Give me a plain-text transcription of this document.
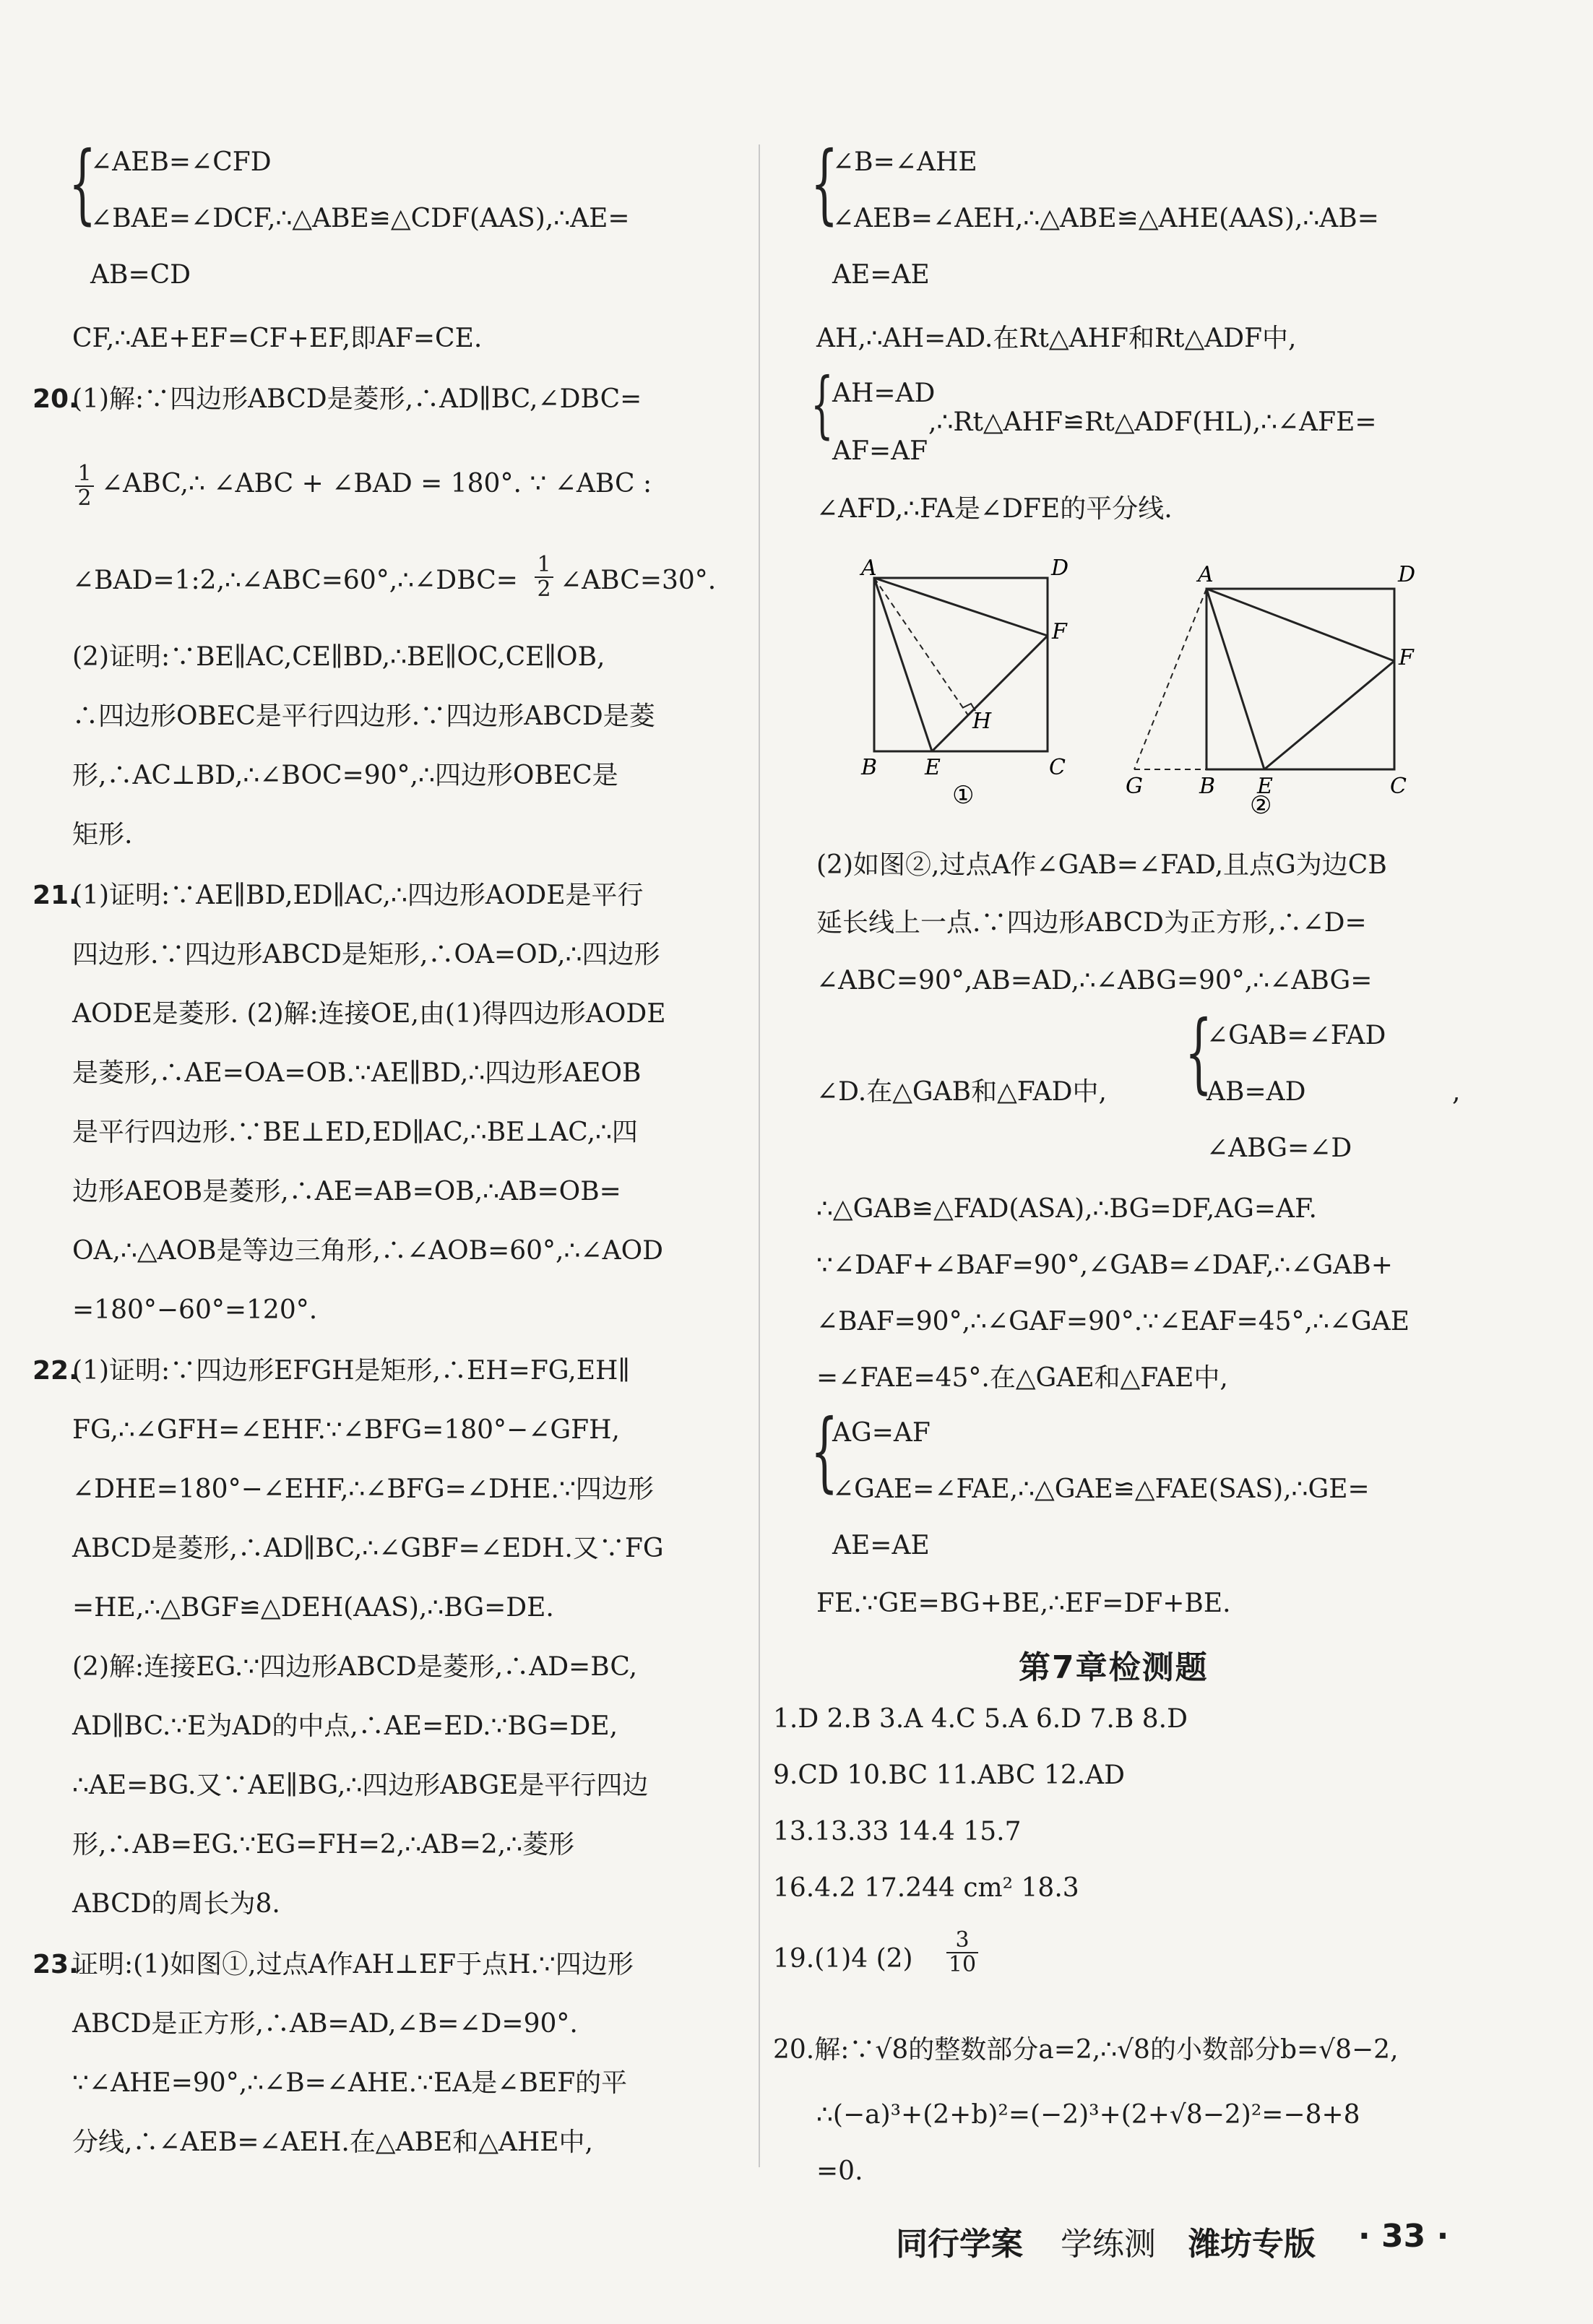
{
∠AEB=∠CFD
∠BAE=∠DCF,∴△ABE≌△CDF(AAS),∴AE=
AB=CD
CF,∴AE+EF=CF+EF,即AF=CE.
20.
(1)解:∵四边形ABCD是菱形,∴AD∥BC,∠DBC=
$\frac{1}{2}$ ∠ABC,∴ ∠ABC + ∠BAD = 180°. ∵ ∠ABC :
∠BAD=1:2,∴∠ABC=60°,∴∠DBC= $\frac{1}{2}$ ∠ABC=30°.
(2)证明:∵BE∥AC,CE∥BD,∴BE∥OC,CE∥OB,
∴四边形OBEC是平行四边形.∵四边形ABCD是菱
形,∴AC⊥BD,∴∠BOC=90°,∴四边形OBEC是
矩形.
21.
(1)证明:∵AE∥BD,ED∥AC,∴四边形AODE是平行
四边形.∵四边形ABCD是矩形,∴OA=OD,∴四边形
AODE是菱形. (2)解:连接OE,由(1)得四边形AODE
是菱形,∴AE=OA=OB.∵AE∥BD,∴四边形AEOB
是平行四边形.∵BE⊥ED,ED∥AC,∴BE⊥AC,∴四
边形AEOB是菱形,∴AE=AB=OB,∴AB=OB=
OA,∴△AOB是等边三角形,∴∠AOB=60°,∴∠AOD
=180°−60°=120°.
22.
(1)证明:∵四边形EFGH是矩形,∴EH=FG,EH∥
FG,∴∠GFH=∠EHF.∵∠BFG=180°−∠GFH,
∠DHE=180°−∠EHF,∴∠BFG=∠DHE.∵四边形
ABCD是菱形,∴AD∥BC,∴∠GBF=∠EDH.又∵FG
=HE,∴△BGF≌△DEH(AAS),∴BG=DE.
(2)解:连接EG.∵四边形ABCD是菱形,∴AD=BC,
AD∥BC.∵E为AD的中点,∴AE=ED.∵BG=DE,
∴AE=BG.又∵AE∥BG,∴四边形ABGE是平行四边
形,∴AB=EG.∵EG=FH=2,∴AB=2,∴菱形
ABCD的周长为8.
23.
证明:(1)如图①,过点A作AH⊥EF于点H.∵四边形
ABCD是正方形,∴AB=AD,∠B=∠D=90°.
∵∠AHE=90°,∴∠B=∠AHE.∵EA是∠BEF的平
分线,∴∠AEB=∠AEH.在△ABE和△AHE中,
{
∠B=∠AHE
∠AEB=∠AEH,∴△ABE≌△AHE(AAS),∴AB=
AE=AE
AH,∴AH=AD.在Rt△AHF和Rt△ADF中,
{
AH=AD
,∴Rt△AHF≌Rt△ADF(HL),∴∠AFE=
AF=AF
∠AFD,∴FA是∠DFE的平分线.
A	D
F
H
B E	C
①
A	D
F
G	B E	C
②
(2)如图②,过点A作∠GAB=∠FAD,且点G为边CB
延长线上一点.∵四边形ABCD为正方形,∴∠D=
∠ABC=90°,AB=AD,∴∠ABG=90°,∴∠ABG=
{
∠GAB=∠FAD
∠D.在△GAB和△FAD中,	AB=AD	,
∠ABG=∠D
∴△GAB≌△FAD(ASA),∴BG=DF,AG=AF.
∵∠DAF+∠BAF=90°,∠GAB=∠DAF,∴∠GAB+
∠BAF=90°,∴∠GAF=90°.∵∠EAF=45°,∴∠GAE
=∠FAE=45°.在△GAE和△FAE中,
{
AG=AF
∠GAE=∠FAE,∴△GAE≌△FAE(SAS),∴GE=
AE=AE
FE.∵GE=BG+BE,∴EF=DF+BE.
第7章检测题
1.D 2.B 3.A 4.C 5.A 6.D 7.B 8.D
9.CD 10.BC 11.ABC 12.AD
13.13.33 14.4 15.7
16.4.2 17.244 cm² 18.3
19.(1)4 $(2) \frac{3}{10}$
20.解:∵√8的整数部分a=2,∴√8的小数部分b=√8−2,
∴(−a)³+(2+b)²=(−2)³+(2+√8−2)²=−8+8
=0.
同行学案 学练测 潍坊专版 · 33 ·
